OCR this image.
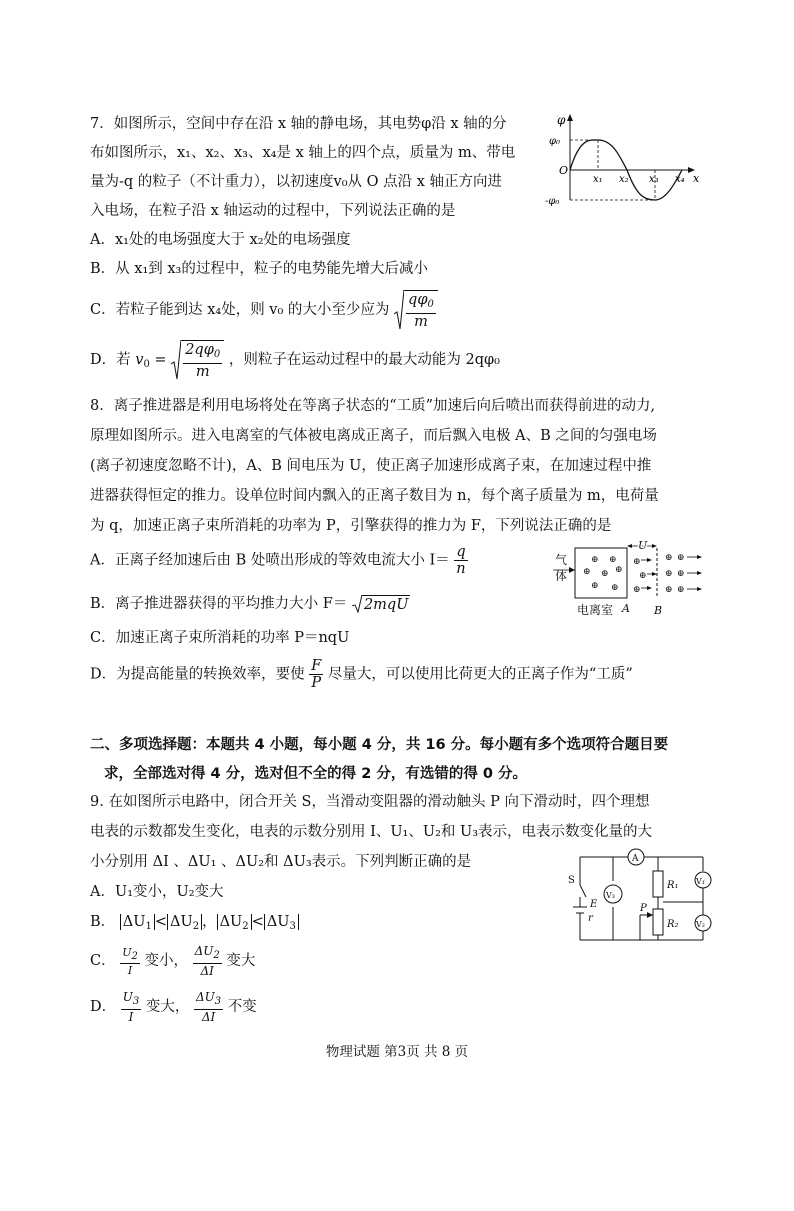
7．如图所示，空间中存在沿 x 轴的静电场，其电势φ沿 x 轴的分
布如图所示，x₁、x₂、x₃、x₄是 x 轴上的四个点，质量为 m、带电
量为-q 的粒子（不计重力），以初速度v₀从 O 点沿 x 轴正方向进
入电场，在粒子沿 x 轴运动的过程中，下列说法正确的是
A．x₁处的电场强度大于 x₂处的电场强度
B．从 x₁到 x₃的过程中，粒子的电势能先增大后减小
C．若粒子能到达 x₄处，则 v₀ 的大小至少应为 $\frac{q\varphi_0}{m}$
D．若 $v_0 = \frac{2q\varphi_0}{m}$ ，则粒子在运动过程中的最大动能为 2qφ₀
φ
φ₀
-φ₀
O
x₁ x₂ x₃ x₄ x
8．离子推进器是利用电场将处在等离子状态的“工质”加速后向后喷出而获得前进的动力,
原理如图所示。进入电离室的气体被电离成正离子，而后飘入电极 A、B 之间的匀强电场
(离子初速度忽略不计)，A、B 间电压为 U，使正离子加速形成离子束，在加速过程中推
进器获得恒定的推力。设单位时间内飘入的正离子数目为 n，每个离子质量为 m，电荷量
为 q，加速正离子束所消耗的功率为 P，引擎获得的推力为 F，下列说法正确的是
A．正离子经加速后由 B 处喷出形成的等效电流大小 $I= \frac{q}{n}$
B．离子推进器获得的平均推力大小 F＝ 2mqU
C．加速正离子束所消耗的功率 P＝nqU
D．为提高能量的转换效率，要使 $\frac{F}{P}$ 尽量大，可以使用比荷更大的正离子作为“工质”
U
气
体
⊕ ⊕
⊕ ⊕ ⊕
⊕ ⊕
⊕
⊕
⊕
⊕ ⊕
⊕ ⊕
⊕ ⊕
电离室 A B
二、多项选择题：本题共 4 小题，每小题 4 分，共 16 分。每小题有多个选项符合题目要
求，全部选对得 4 分，选对但不全的得 2 分，有选错的得 0 分。
9. 在如图所示电路中，闭合开关 S，当滑动变阻器的滑动触头 P 向下滑动时，四个理想
电表的示数都发生变化，电表的示数分别用 I、U₁、U₂和 U₃表示，电表示数变化量的大
小分别用 ΔI 、ΔU₁ 、ΔU₂和 ΔU₃表示。下列判断正确的是
A．U₁变小，U₂变大
B． $\Delta U_1 < \Delta U_2$ ， $\Delta U_2 < \Delta U_3$
C． $\frac{U_2}{I}$ 变小， $\frac{\Delta U_2}{\Delta I}$ 变大
D． $\frac{U_3}{I}$ 变大， $\frac{\Delta U_3}{\Delta I}$ 不变
S
E
r
A
V₃
R₁
R₂
P
V₁
V₂
物理试题 第3页 共 8 页
